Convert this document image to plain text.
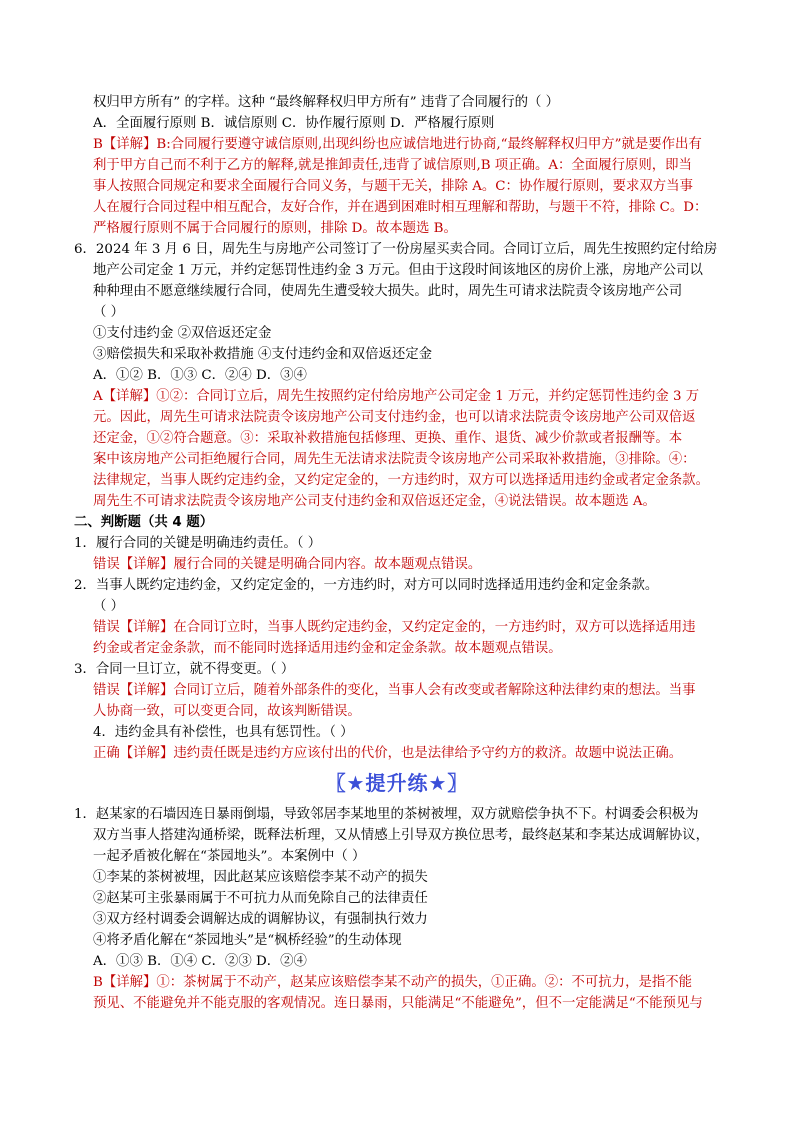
权归甲方所有” 的字样。这种 “最终解释权归甲方所有” 违背了合同履行的（ ）
A．全面履行原则 B．诚信原则 C．协作履行原则 D．严格履行原则
B【详解】B:合同履行要遵守诚信原则,出现纠纷也应诚信地进行协商,“最终解释权归甲方”就是要作出有
利于甲方自己而不利于乙方的解释,就是推卸责任,违背了诚信原则,B 项正确。A：全面履行原则，即当
事人按照合同规定和要求全面履行合同义务，与题干无关，排除 A。C：协作履行原则，要求双方当事
人在履行合同过程中相互配合，友好合作，并在遇到困难时相互理解和帮助，与题干不符，排除 C。D：
严格履行原则不属于合同履行的原则，排除 D。故本题选 B。
6．2024 年 3 月 6 日，周先生与房地产公司签订了一份房屋买卖合同。合同订立后，周先生按照约定付给房
地产公司定金 1 万元，并约定惩罚性违约金 3 万元。但由于这段时间该地区的房价上涨，房地产公司以
种种理由不愿意继续履行合同，使周先生遭受较大损失。此时，周先生可请求法院责令该房地产公司
（ ）
①支付违约金 ②双倍返还定金
③赔偿损失和采取补救措施 ④支付违约金和双倍返还定金
A．①② B．①③ C．②④ D．③④
A【详解】①②：合同订立后，周先生按照约定付给房地产公司定金 1 万元，并约定惩罚性违约金 3 万
元。因此，周先生可请求法院责令该房地产公司支付违约金，也可以请求法院责令该房地产公司双倍返
还定金，①②符合题意。③：采取补救措施包括修理、更换、重作、退货、减少价款或者报酬等。本
案中该房地产公司拒绝履行合同，周先生无法请求法院责令该房地产公司采取补救措施，③排除。④：
法律规定，当事人既约定违约金，又约定定金的，一方违约时，双方可以选择适用违约金或者定金条款。
周先生不可请求法院责令该房地产公司支付违约金和双倍返还定金，④说法错误。故本题选 A。
二、判断题（共 4 题）
1．履行合同的关键是明确违约责任。（ ）
错误【详解】履行合同的关键是明确合同内容。故本题观点错误。
2．当事人既约定违约金，又约定定金的，一方违约时，对方可以同时选择适用违约金和定金条款。
（ ）
错误【详解】在合同订立时，当事人既约定违约金，又约定定金的，一方违约时，双方可以选择适用违
约金或者定金条款，而不能同时选择适用违约金和定金条款。故本题观点错误。
3．合同一旦订立，就不得变更。（ ）
错误【详解】合同订立后，随着外部条件的变化，当事人会有改变或者解除这种法律约束的想法。当事
人协商一致，可以变更合同，故该判断错误。
4．违约金具有补偿性，也具有惩罚性。（ ）
正确【详解】违约责任既是违约方应该付出的代价，也是法律给予守约方的救济。故题中说法正确。
1．赵某家的石墙因连日暴雨倒塌，导致邻居李某地里的茶树被埋，双方就赔偿争执不下。村调委会积极为
双方当事人搭建沟通桥梁，既释法析理，又从情感上引导双方换位思考，最终赵某和李某达成调解协议，
一起矛盾被化解在“茶园地头”。本案例中（ ）
①李某的茶树被埋，因此赵某应该赔偿李某不动产的损失
②赵某可主张暴雨属于不可抗力从而免除自己的法律责任
③双方经村调委会调解达成的调解协议，有强制执行效力
④将矛盾化解在“茶园地头”是“枫桥经验”的生动体现
A．①③ B．①④ C．②③ D．②④
B【详解】①：茶树属于不动产，赵某应该赔偿李某不动产的损失，①正确。②：不可抗力，是指不能
预见、不能避免并不能克服的客观情况。连日暴雨，只能满足“不能避免”，但不一定能满足“不能预见与
〖★提升练★〗
